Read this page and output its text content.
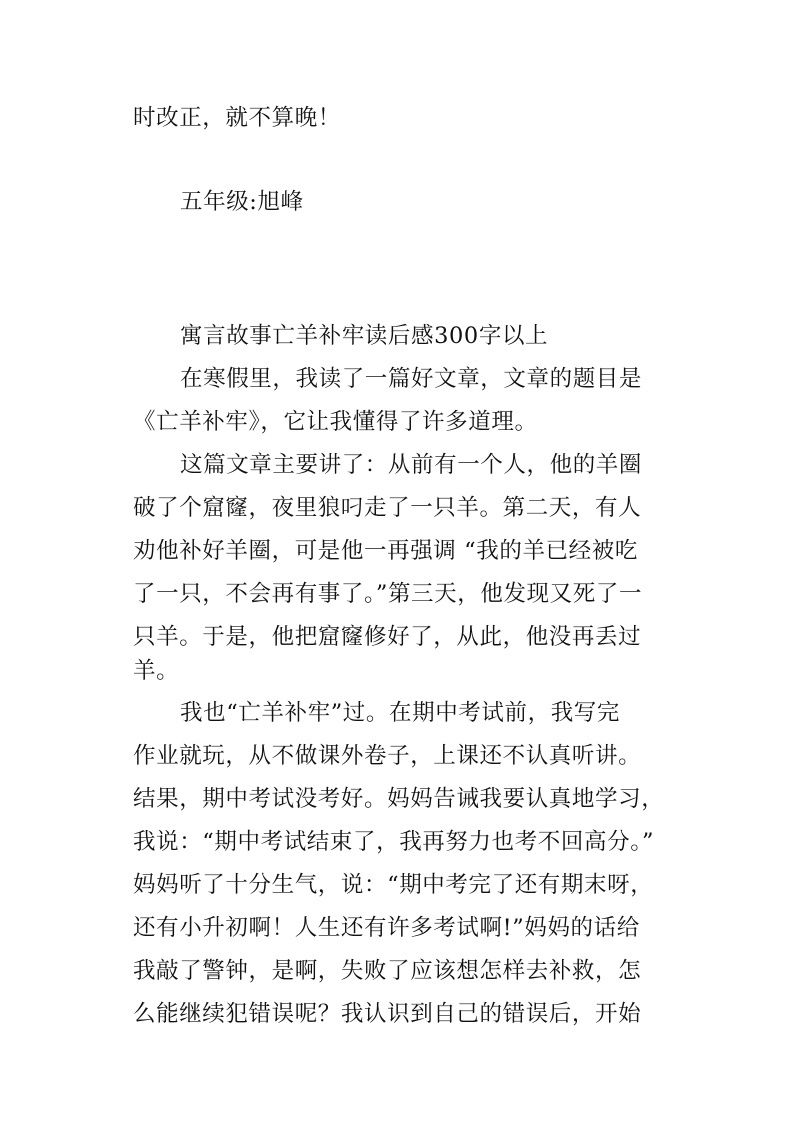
时改正，就不算晚！
五年级:旭峰
寓言故事亡羊补牢读后感300字以上
在寒假里，我读了一篇好文章，文章的题目是
《亡羊补牢》，它让我懂得了许多道理。
这篇文章主要讲了：从前有一个人，他的羊圈
破了个窟窿，夜里狼叼走了一只羊。第二天，有人
劝他补好羊圈，可是他一再强调 “我的羊已经被吃
了一只，不会再有事了。”第三天，他发现又死了一
只羊。于是，他把窟窿修好了，从此，他没再丢过
羊。
我也“亡羊补牢”过。在期中考试前，我写完
作业就玩，从不做课外卷子，上课还不认真听讲。
结果，期中考试没考好。妈妈告诫我要认真地学习，
我说：“期中考试结束了，我再努力也考不回高分。”
妈妈听了十分生气，说：“期中考完了还有期末呀，
还有小升初啊！人生还有许多考试啊!”妈妈的话给
我敲了警钟，是啊，失败了应该想怎样去补救，怎
么能继续犯错误呢？我认识到自己的错误后，开始
